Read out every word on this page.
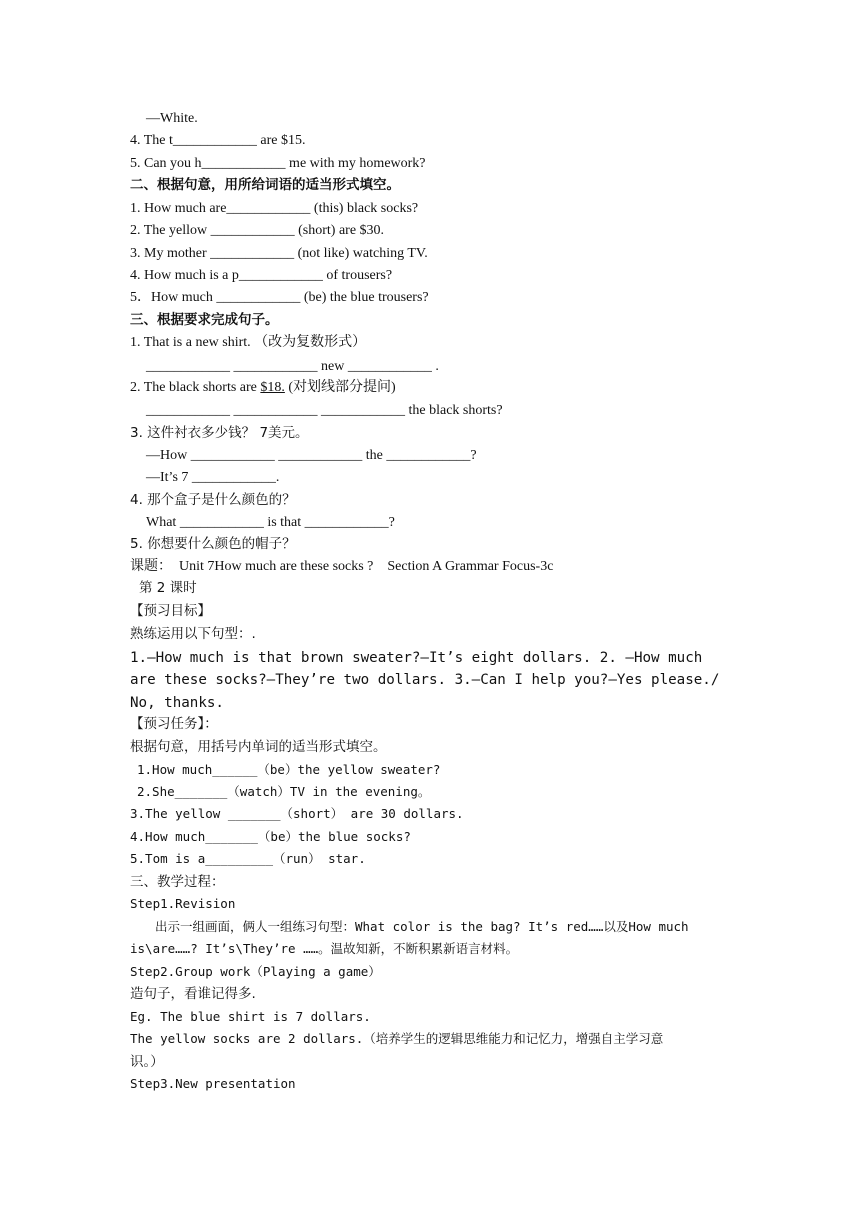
—White.
4. The t____________ are $15.
5. Can you h____________ me with my homework?
二、根据句意，用所给词语的适当形式填空。
1. How much are____________ (this) black socks?
2. The yellow ____________ (short) are $30.
3. My mother ____________ (not like) watching TV.
4. How much is a p____________ of trousers?
5．How much ____________ (be) the blue trousers?
三、根据要求完成句子。
1. That is a new shirt. （改为复数形式）
____________ ____________ new ____________ .
2. The black shorts are $18. (对划线部分提问)
____________ ____________ ____________ the black shorts?
3. 这件衬衣多少钱？ 7美元。
—How ____________ ____________ the ____________?
—It’s 7 ____________.
4. 那个盒子是什么颜色的？
What ____________ is that ____________?
5. 你想要什么颜色的帽子？
课题：  Unit 7How much are these socks ?    Section A Grammar Focus-3c
第 2 课时
【预习目标】
熟练运用以下句型：.
1.—How much is that brown sweater?—It’s eight dollars. 2. —How much
are these socks?—They’re two dollars. 3.—Can I help you?—Yes please./
No, thanks.
【预习任务】：
根据句意，用括号内单词的适当形式填空。
1.How much______（be）the yellow sweater?
2.She_______（watch）TV in the evening。
3.The yellow _______（short） are 30 dollars.
4.How much_______（be）the blue socks?
5.Tom is a_________（run） star.
三、教学过程：
Step1.Revision
出示一组画面，俩人一组练习句型：What color is the bag? It’s red……以及How much
is\are……? It’s\They’re ……。温故知新，不断积累新语言材料。
Step2.Group work（Playing a game）
造句子，看谁记得多.
Eg. The blue shirt is 7 dollars.
The yellow socks are 2 dollars.（培养学生的逻辑思维能力和记忆力，增强自主学习意
识。）
Step3.New presentation
